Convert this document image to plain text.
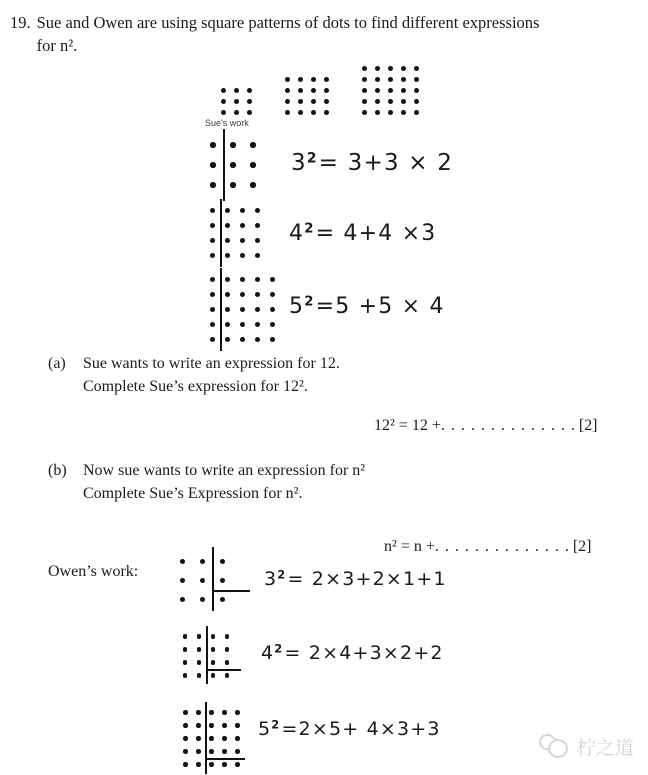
19. Sue and Owen are using square patterns of dots to find different expressions
for n².
Sue's work
32= 3+3 × 2
42= 4+4 ×3
52=5 +5 × 4
(a)	Sue wants to write an expression for 12.
Complete Sue’s expression for 12².
12² = 12 +. . . . . . . . . . . . . . [2]
(b)	Now sue wants to write an expression for n²
Complete Sue’s Expression for n².
n² = n +. . . . . . . . . . . . . . [2]
Owen’s work:	32= 2×3+2×1+1
42= 2×4+3×2+2
52=2×5+ 4×3+3
柠之道
